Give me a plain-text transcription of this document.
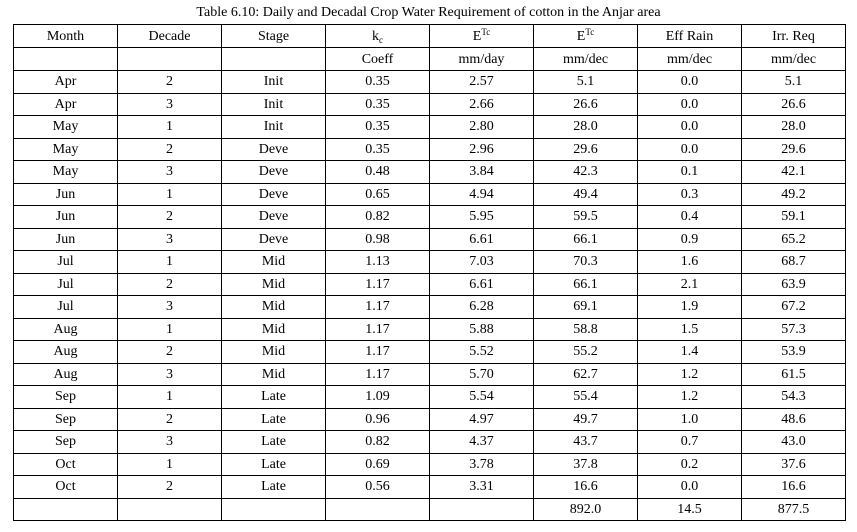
Table 6.10: Daily and Decadal Crop Water Requirement of cotton in the Anjar area
Month	Decade	Stage	$k_c$	$E^{Tc}$	$E^{Tc}$	Eff Rain	Irr. Req
			Coeff	mm/day	mm/dec	mm/dec	mm/dec
Apr	2	Init	0.35	2.57	5.1	0.0	5.1
Apr	3	Init	0.35	2.66	26.6	0.0	26.6
May	1	Init	0.35	2.80	28.0	0.0	28.0
May	2	Deve	0.35	2.96	29.6	0.0	29.6
May	3	Deve	0.48	3.84	42.3	0.1	42.1
Jun	1	Deve	0.65	4.94	49.4	0.3	49.2
Jun	2	Deve	0.82	5.95	59.5	0.4	59.1
Jun	3	Deve	0.98	6.61	66.1	0.9	65.2
Jul	1	Mid	1.13	7.03	70.3	1.6	68.7
Jul	2	Mid	1.17	6.61	66.1	2.1	63.9
Jul	3	Mid	1.17	6.28	69.1	1.9	67.2
Aug	1	Mid	1.17	5.88	58.8	1.5	57.3
Aug	2	Mid	1.17	5.52	55.2	1.4	53.9
Aug	3	Mid	1.17	5.70	62.7	1.2	61.5
Sep	1	Late	1.09	5.54	55.4	1.2	54.3
Sep	2	Late	0.96	4.97	49.7	1.0	48.6
Sep	3	Late	0.82	4.37	43.7	0.7	43.0
Oct	1	Late	0.69	3.78	37.8	0.2	37.6
Oct	2	Late	0.56	3.31	16.6	0.0	16.6
					892.0	14.5	877.5
